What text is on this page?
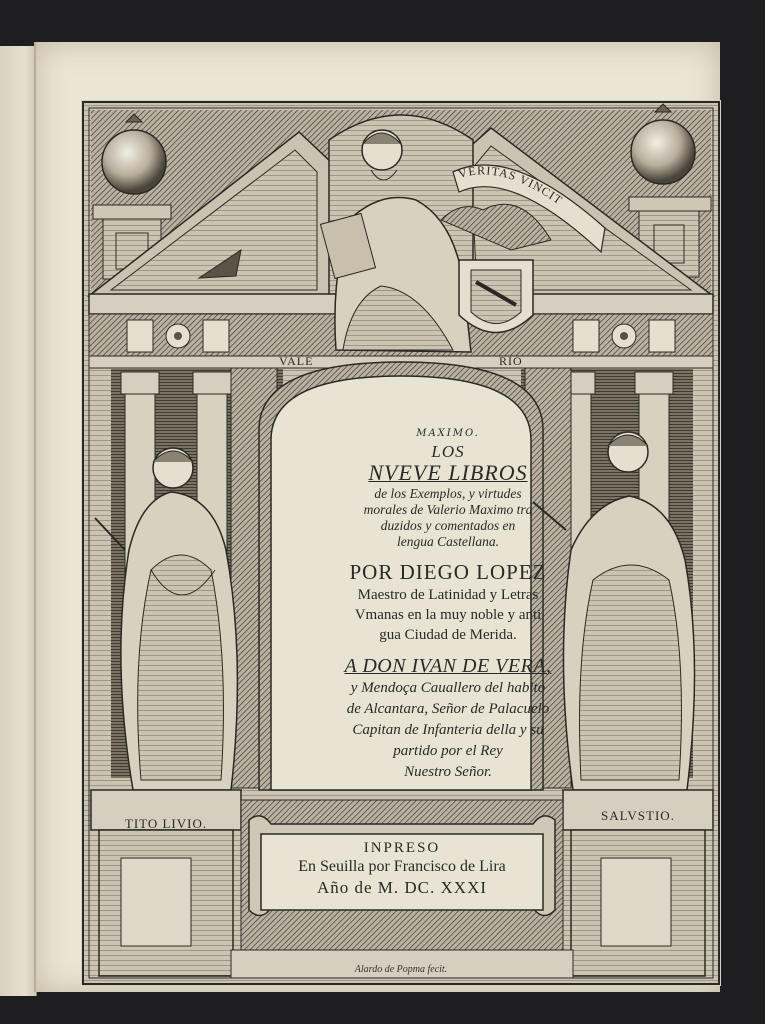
VERITAS VINCIT
VALE	RIO
MAXIMO.
LOS
NVEVE LIBROS
de los Exemplos, y virtudes
morales de Valerio Maximo tra
duzidos y comentados en
lengua Castellana.
POR DIEGO LOPEZ
Maestro de Latinidad y Letras
Vmanas en la muy noble y anti
gua Ciudad de Merida.
A DON IVAN DE VERA,
y Mendoça Cauallero del habito
de Alcantara, Señor de Palacuelo
Capitan de Infanteria della y su
partido por el Rey
Nuestro Señor.
TITO LIVIO.
SALVSTIO.
INPRESO
En Seuilla por Francisco de Lira
Año de M. DC. XXXI
Alardo de Popma fecit.
